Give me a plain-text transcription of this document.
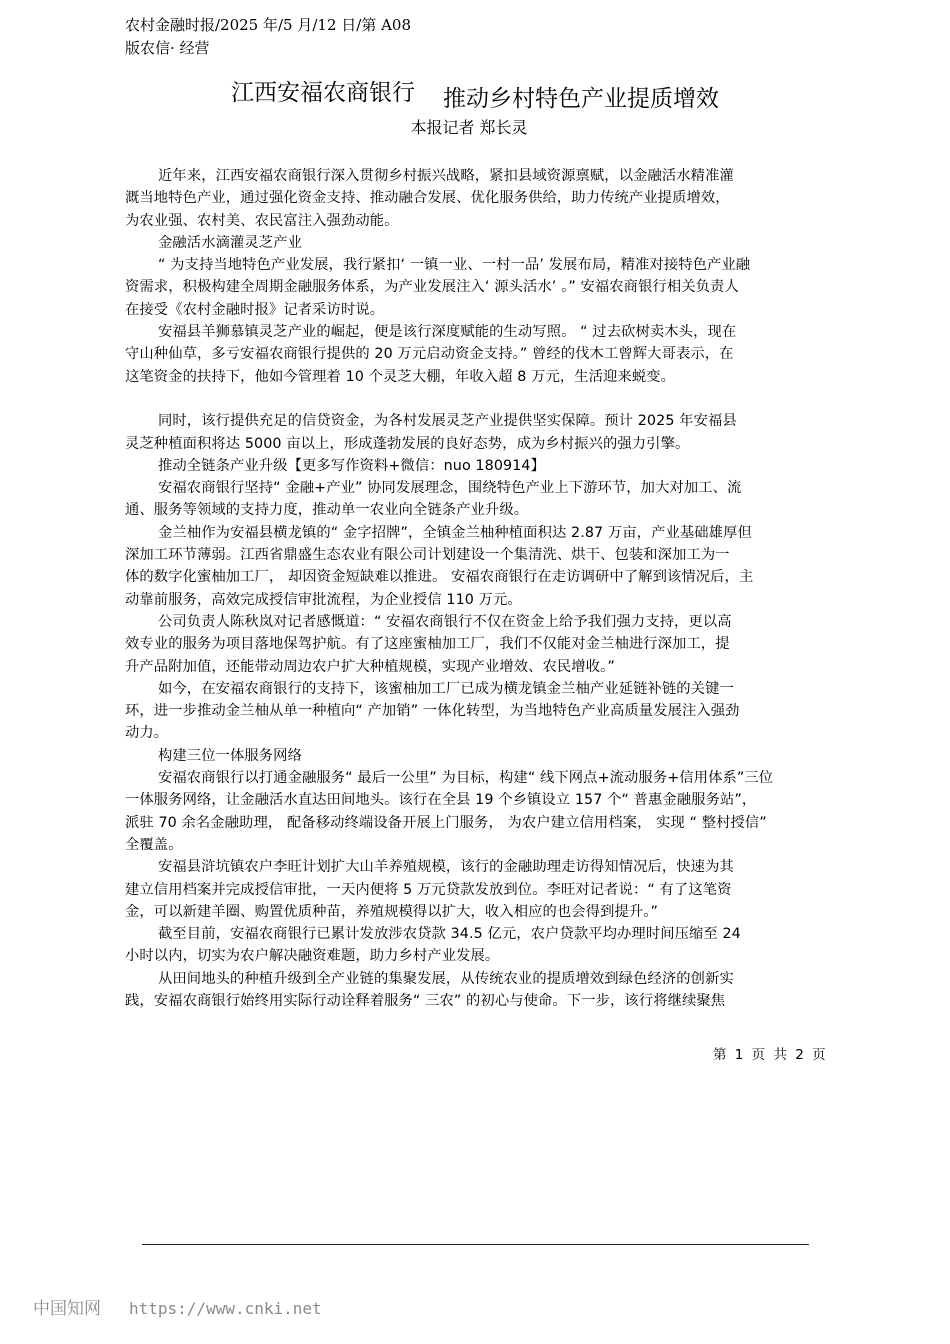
农村金融时报/2025 年/5 月/12 日/第 A08
版农信· 经营
江西安福农商银行 推动乡村特色产业提质增效
本报记者 郑长灵
近年来，江西安福农商银行深入贯彻乡村振兴战略，紧扣县域资源禀赋，以金融活水精准灌
溉当地特色产业，通过强化资金支持、推动融合发展、优化服务供给，助力传统产业提质增效，
为农业强、农村美、农民富注入强劲动能。
金融活水滴灌灵芝产业
“ 为支持当地特色产业发展，我行紧扣‘ 一镇一业、一村一品’ 发展布局，精准对接特色产业融
资需求，积极构建全周期金融服务体系，为产业发展注入‘ 源头活水’ 。” 安福农商银行相关负责人
在接受《农村金融时报》记者采访时说。
安福县羊狮慕镇灵芝产业的崛起，便是该行深度赋能的生动写照。 “ 过去砍树卖木头，现在
守山种仙草，多亏安福农商银行提供的 20 万元启动资金支持。” 曾经的伐木工曾辉大哥表示，在
这笔资金的扶持下，他如今管理着 10 个灵芝大棚，年收入超 8 万元，生活迎来蜕变。
同时，该行提供充足的信贷资金，为各村发展灵芝产业提供坚实保障。预计 2025 年安福县
灵芝种植面积将达 5000 亩以上，形成蓬勃发展的良好态势，成为乡村振兴的强力引擎。
推动全链条产业升级【更多写作资料+微信：nuo 180914】
安福农商银行坚持“ 金融+产业” 协同发展理念，围绕特色产业上下游环节，加大对加工、流
通、服务等领域的支持力度，推动单一农业向全链条产业升级。
金兰柚作为安福县横龙镇的“ 金字招牌”，全镇金兰柚种植面积达 2.87 万亩，产业基础雄厚但
深加工环节薄弱。江西省鼎盛生态农业有限公司计划建设一个集清洗、烘干、包装和深加工为一
体的数字化蜜柚加工厂， 却因资金短缺难以推进。 安福农商银行在走访调研中了解到该情况后，主
动靠前服务，高效完成授信审批流程，为企业授信 110 万元。
公司负责人陈秋岚对记者感慨道：“ 安福农商银行不仅在资金上给予我们强力支持，更以高
效专业的服务为项目落地保驾护航。有了这座蜜柚加工厂，我们不仅能对金兰柚进行深加工，提
升产品附加值，还能带动周边农户扩大种植规模，实现产业增效、农民增收。”
如今，在安福农商银行的支持下，该蜜柚加工厂已成为横龙镇金兰柚产业延链补链的关键一
环，进一步推动金兰柚从单一种植向“ 产加销” 一体化转型，为当地特色产业高质量发展注入强劲
动力。
构建三位一体服务网络
安福农商银行以打通金融服务“ 最后一公里” 为目标，构建“ 线下网点+流动服务+信用体系”三位
一体服务网络，让金融活水直达田间地头。该行在全县 19 个乡镇设立 157 个“ 普惠金融服务站”，
派驻 70 余名金融助理， 配备移动终端设备开展上门服务， 为农户建立信用档案， 实现 “ 整村授信”
全覆盖。
安福县浒坑镇农户李旺计划扩大山羊养殖规模，该行的金融助理走访得知情况后，快速为其
建立信用档案并完成授信审批，一天内便将 5 万元贷款发放到位。李旺对记者说：“ 有了这笔资
金，可以新建羊圈、购置优质种苗，养殖规模得以扩大，收入相应的也会得到提升。”
截至目前，安福农商银行已累计发放涉农贷款 34.5 亿元，农户贷款平均办理时间压缩至 24
小时以内，切实为农户解决融资难题，助力乡村产业发展。
从田间地头的种植升级到全产业链的集聚发展，从传统农业的提质增效到绿色经济的创新实
践，安福农商银行始终用实际行动诠释着服务“ 三农” 的初心与使命。下一步，该行将继续聚焦
第 1 页 共 2 页
中国知网 https://www.cnki.net
